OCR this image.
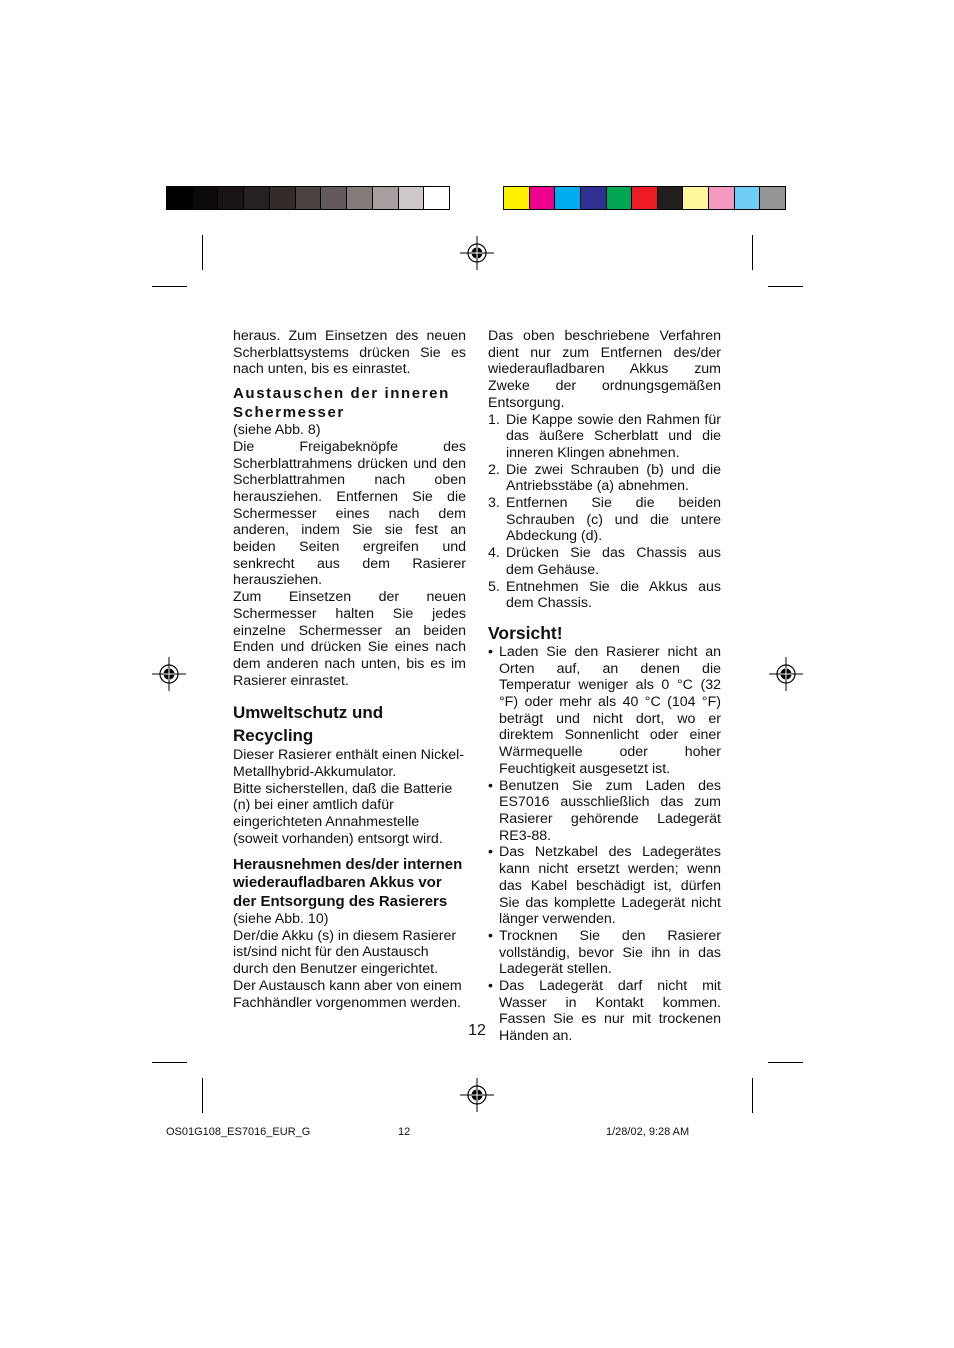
heraus. Zum Einsetzen des neuen Scherblattsystems drücken Sie es nach unten, bis es einrastet.

Austauschen der inneren Schermesser

(siehe Abb. 8)

Die Freigabeknöpfe des Scherblattrahmens drücken und den Scherblattrahmen nach oben herausziehen. Entfernen Sie die Schermesser eines nach dem anderen, indem Sie sie fest an beiden Seiten ergreifen und senkrecht aus dem Rasierer herausziehen.

Zum Einsetzen der neuen Schermesser halten Sie jedes einzelne Schermesser an beiden Enden und drücken Sie eines nach dem anderen nach unten, bis es im Rasierer einrastet.

Umweltschutz und Recycling

Dieser Rasierer enthält einen Nickel-Metallhybrid-Akkumulator.

Bitte sicherstellen, daß die Batterie (n) bei einer amtlich dafür eingerichteten Annahmestelle (soweit vorhanden) entsorgt wird.

Herausnehmen des/der internen wiederaufladbaren Akkus vor der Entsorgung des Rasierers

(siehe Abb. 10)

Der/die Akku (s) in diesem Rasierer ist/sind nicht für den Austausch durch den Benutzer eingerichtet.

Der Austausch kann aber von einem Fachhändler vorgenommen werden.

Das oben beschriebene Verfahren dient nur zum Entfernen des/der wiederaufladbaren Akkus zum Zweke der ordnungsgemäßen Entsorgung.

1. Die Kappe sowie den Rahmen für das äußere Scherblatt und die inneren Klingen abnehmen.
2. Die zwei Schrauben (b) und die Antriebsstäbe (a) abnehmen.
3. Entfernen Sie die beiden Schrauben (c) und die untere Abdeckung (d).
4. Drücken Sie das Chassis aus dem Gehäuse.
5. Entnehmen Sie die Akkus aus dem Chassis.

Vorsicht!

• Laden Sie den Rasierer nicht an Orten auf, an denen die Temperatur weniger als 0 °C (32 °F) oder mehr als 40 °C (104 °F) beträgt und nicht dort, wo er direktem Sonnenlicht oder einer Wärmequelle oder hoher Feuchtigkeit ausgesetzt ist.
• Benutzen Sie zum Laden des ES7016 ausschließlich das zum Rasierer gehörende Ladegerät RE3-88.
• Das Netzkabel des Ladegerätes kann nicht ersetzt werden; wenn das Kabel beschädigt ist, dürfen Sie das komplette Ladegerät nicht länger verwenden.
• Trocknen Sie den Rasierer vollständig, bevor Sie ihn in das Ladegerät stellen.
• Das Ladegerät darf nicht mit Wasser in Kontakt kommen. Fassen Sie es nur mit trockenen Händen an.
12
OS01G108_ES7016_EUR_G	12	1/28/02, 9:28 AM
